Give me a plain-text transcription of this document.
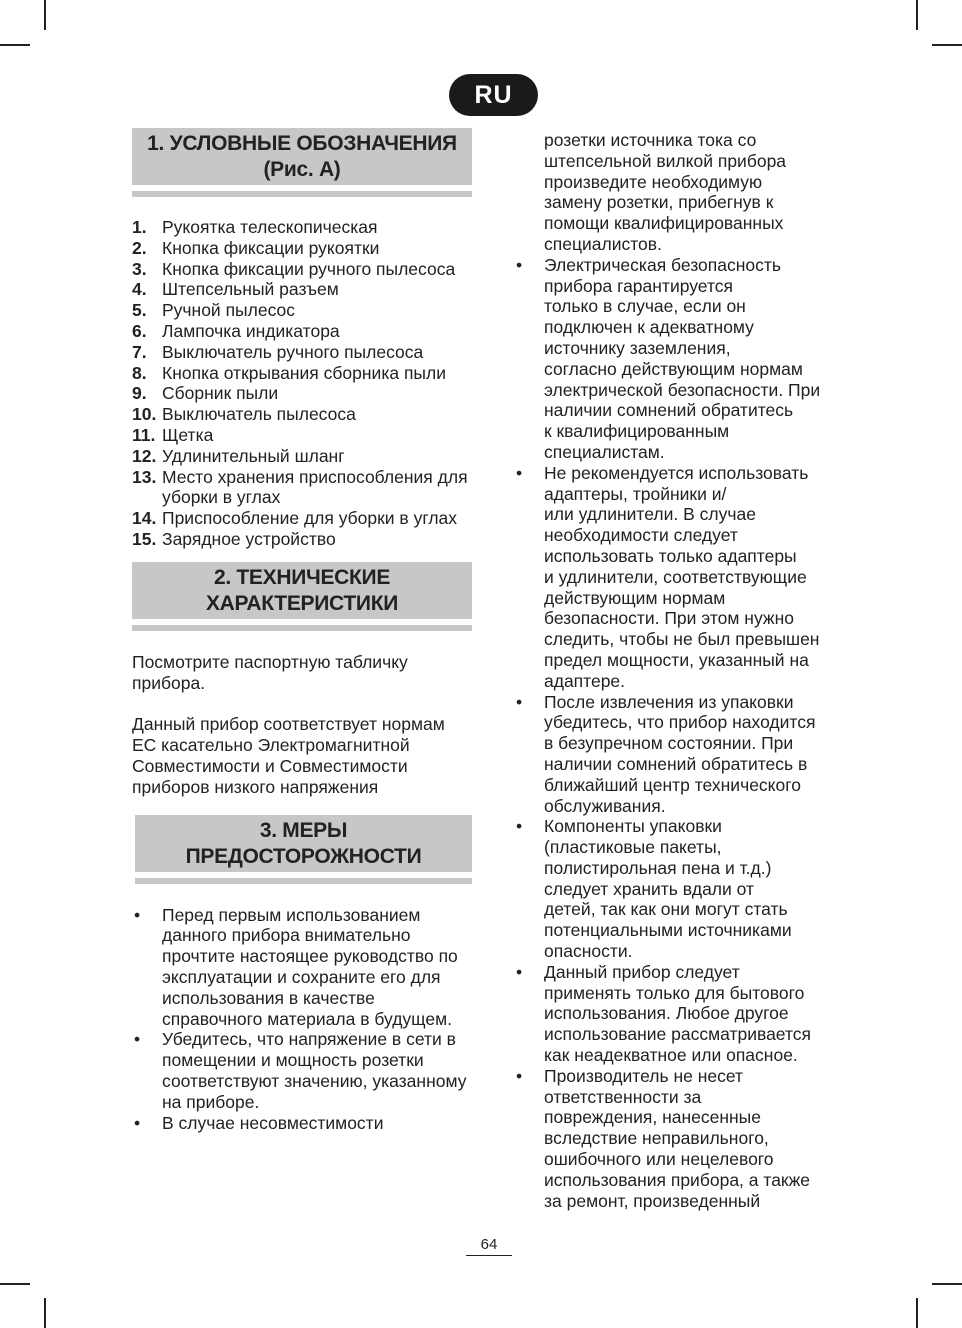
RU
1. УСЛОВНЫЕ ОБОЗНАЧЕНИЯ
(Рис. А)
1. Рукоятка телескопическая
2. Кнопка фиксации рукоятки
3. Кнопка фиксации ручного пылесоса
4. Штепсельный разъем
5. Ручной пылесос
6. Лампочка индикатора
7. Выключатель ручного пылесоса
8. Кнопка открывания сборника пыли
9. Сборник пыли
10. Выключатель пылесоса
11. Щетка
12. Удлинительный шланг
13. Место хранения приспособления для уборки в углах
14. Приспособление для уборки в углах
15. Зарядное устройство
2. ТЕХНИЧЕСКИЕ
ХАРАКТЕРИСТИКИ

Посмотрите паспортную табличку прибора.

Данный прибор соответствует нормам ЕС касательно Электромагнитной Совместимости и Совместимости приборов низкого напряжения

3. МЕРЫ ПРЕДОСТОРОЖНОСТИ
•	Перед первым использованием данного прибора внимательно прочтите настоящее руководство по эксплуатации и сохраните его для использования в качестве справочного материала в будущем.
•	Убедитесь, что напряжение в сети в помещении и мощность розетки соответствуют значению, указанному на приборе.
•	В случае несовместимости
розетки источника тока со
штепсельной вилкой прибора
произведите необходимую
замену розетки, прибегнув к
помощи квалифицированных
специалистов.
•	Электрическая безопасность
прибора гарантируется
только в случае, если он
подключен к адекватному
источнику заземления,
согласно действующим нормам
электрической безопасности. При
наличии сомнений обратитесь
к квалифицированным
специалистам.
•	Не рекомендуется использовать
адаптеры, тройники и/
или удлинители. В случае
необходимости следует
использовать только адаптеры
и удлинители, соответствующие
действующим нормам
безопасности. При этом нужно
следить, чтобы не был превышен
предел мощности, указанный на
адаптере.
•	После извлечения из упаковки
убедитесь, что прибор находится
в безупречном состоянии. При
наличии сомнений обратитесь в
ближайший центр технического
обслуживания.
•	Компоненты упаковки
(пластиковые пакеты,
полистирольная пена и т.д.)
следует хранить вдали от
детей, так как они могут стать
потенциальными источниками
опасности.
•	Данный прибор следует
применять только для бытового
использования. Любое другое
использование рассматривается
как неадекватное или опасное.
•	Производитель не несет
ответственности за
повреждения, нанесенные
вследствие неправильного,
ошибочного или нецелевого
использования прибора, а также
за ремонт, произведенный
64
